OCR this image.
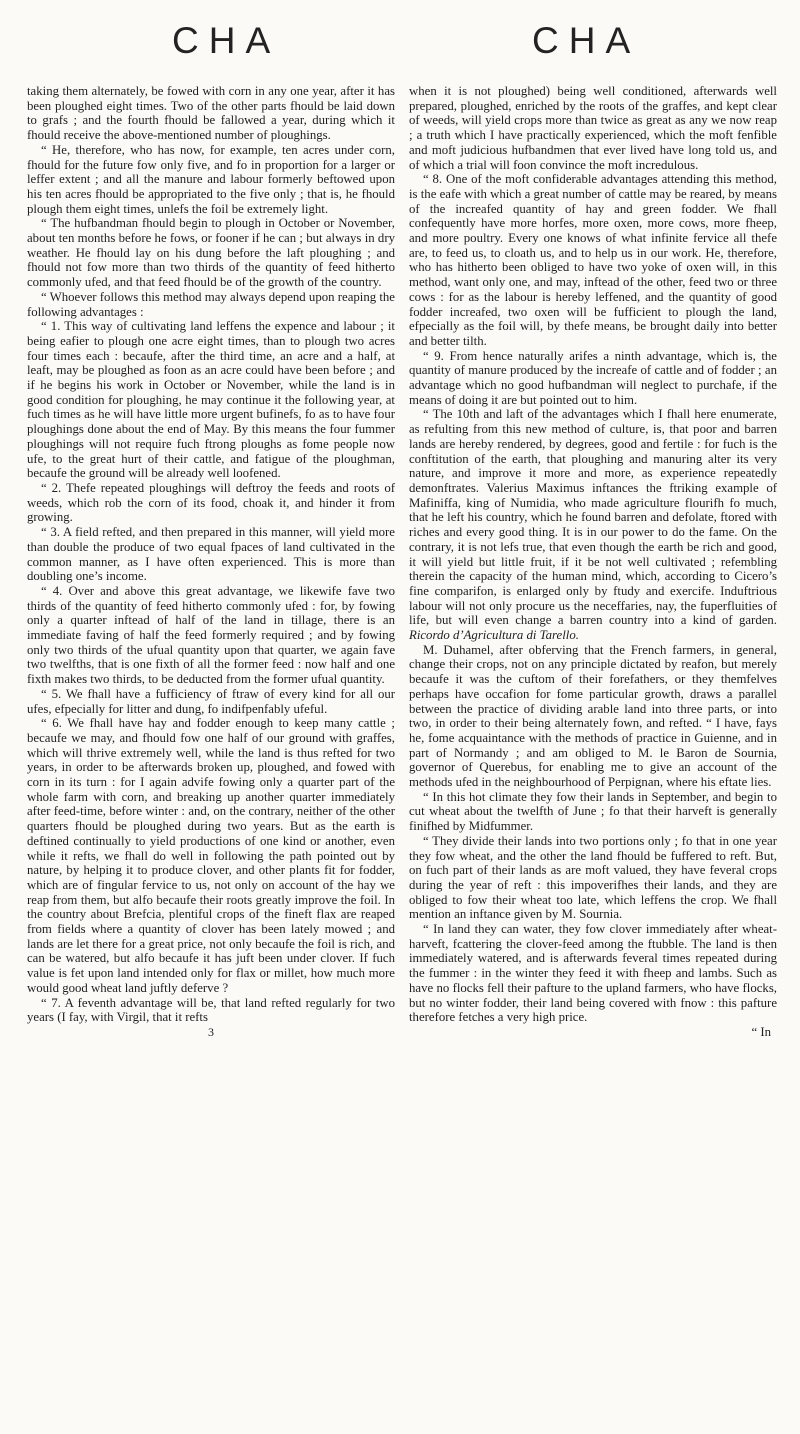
CHA	CHA

taking them alternately, be fowed with corn in any one year, after it has been ploughed eight times. Two of the other parts fhould be laid down to grafs ; and the fourth fhould be fallowed a year, during which it fhould receive the above-mentioned number of ploughings.

“ He, therefore, who has now, for example, ten acres under corn, fhould for the future fow only five, and fo in proportion for a larger or leffer extent ; and all the manure and labour formerly beftowed upon his ten acres fhould be appropriated to the five only ; that is, he fhould plough them eight times, unlefs the foil be extremely light.

“ The hufbandman fhould begin to plough in October or November, about ten months before he fows, or fooner if he can ; but always in dry weather. He fhould lay on his dung before the laft ploughing ; and fhould not fow more than two thirds of the quantity of feed hitherto commonly ufed, and that feed fhould be of the growth of the country.

“ Whoever follows this method may always depend upon reaping the following advantages :

“ 1. This way of cultivating land leffens the expence and labour ; it being eafier to plough one acre eight times, than to plough two acres four times each : becaufe, after the third time, an acre and a half, at leaft, may be ploughed as foon as an acre could have been before ; and if he begins his work in October or November, while the land is in good condition for ploughing, he may continue it the following year, at fuch times as he will have little more urgent bufinefs, fo as to have four ploughings done about the end of May. By this means the four fummer ploughings will not require fuch ftrong ploughs as fome people now ufe, to the great hurt of their cattle, and fatigue of the ploughman, becaufe the ground will be already well loofened.

“ 2. Thefe repeated ploughings will deftroy the feeds and roots of weeds, which rob the corn of its food, choak it, and hinder it from growing.

“ 3. A field refted, and then prepared in this manner, will yield more than double the produce of two equal fpaces of land cultivated in the common manner, as I have often experienced. This is more than doubling one’s income.

“ 4. Over and above this great advantage, we likewife fave two thirds of the quantity of feed hitherto commonly ufed : for, by fowing only a quarter inftead of half of the land in tillage, there is an immediate faving of half the feed formerly required ; and by fowing only two thirds of the ufual quantity upon that quarter, we again fave two twelfths, that is one fixth of all the former feed : now half and one fixth makes two thirds, to be deducted from the former ufual quantity.

“ 5. We fhall have a fufficiency of ftraw of every kind for all our ufes, efpecially for litter and dung, fo indifpenfably ufeful.

“ 6. We fhall have hay and fodder enough to keep many cattle ; becaufe we may, and fhould fow one half of our ground with graffes, which will thrive extremely well, while the land is thus refted for two years, in order to be afterwards broken up, ploughed, and fowed with corn in its turn : for I again advife fowing only a quarter part of the whole farm with corn, and breaking up another quarter immediately after feed-time, before winter : and, on the contrary, neither of the other quarters fhould be ploughed during two years. But as the earth is deftined continually to yield productions of one kind or another, even while it refts, we fhall do well in following the path pointed out by nature, by helping it to produce clover, and other plants fit for fodder, which are of fingular fervice to us, not only on account of the hay we reap from them, but alfo becaufe their roots greatly improve the foil. In the country about Brefcia, plentiful crops of the fineft flax are reaped from fields where a quantity of clover has been lately mowed ; and lands are let there for a great price, not only becaufe the foil is rich, and can be watered, but alfo becaufe it has juft been under clover. If fuch value is fet upon land intended only for flax or millet, how much more would good wheat land juftly deferve ?

“ 7. A feventh advantage will be, that land refted regularly for two years (I fay, with Virgil, that it refts

3

when it is not ploughed) being well conditioned, afterwards well prepared, ploughed, enriched by the roots of the graffes, and kept clear of weeds, will yield crops more than twice as great as any we now reap ; a truth which I have practically experienced, which the moft fenfible and moft judicious hufbandmen that ever lived have long told us, and of which a trial will foon convince the moft incredulous.

“ 8. One of the moft confiderable advantages attending this method, is the eafe with which a great number of cattle may be reared, by means of the increafed quantity of hay and green fodder. We fhall confequently have more horfes, more oxen, more cows, more fheep, and more poultry. Every one knows of what infinite fervice all thefe are, to feed us, to cloath us, and to help us in our work. He, therefore, who has hitherto been obliged to have two yoke of oxen will, in this method, want only one, and may, inftead of the other, feed two or three cows : for as the labour is hereby leffened, and the quantity of good fodder increafed, two oxen will be fufficient to plough the land, efpecially as the foil will, by thefe means, be brought daily into better and better tilth.

“ 9. From hence naturally arifes a ninth advantage, which is, the quantity of manure produced by the increafe of cattle and of fodder ; an advantage which no good hufbandman will neglect to purchafe, if the means of doing it are but pointed out to him.

“ The 10th and laft of the advantages which I fhall here enumerate, as refulting from this new method of culture, is, that poor and barren lands are hereby rendered, by degrees, good and fertile : for fuch is the conftitution of the earth, that ploughing and manuring alter its very nature, and improve it more and more, as experience repeatedly demonftrates. Valerius Maximus inftances the ftriking example of Mafiniffa, king of Numidia, who made agriculture flourifh fo much, that he left his country, which he found barren and defolate, ftored with riches and every good thing. It is in our power to do the fame. On the contrary, it is not lefs true, that even though the earth be rich and good, it will yield but little fruit, if it be not well cultivated ; refembling therein the capacity of the human mind, which, according to Cicero’s fine comparifon, is enlarged only by ftudy and exercife. Induftrious labour will not only procure us the neceffaries, nay, the fuperfluities of life, but will even change a barren country into a kind of garden. Ricordo d’Agricultura di Tarello.

M. Duhamel, after obferving that the French farmers, in general, change their crops, not on any principle dictated by reafon, but merely becaufe it was the cuftom of their forefathers, or they themfelves perhaps have occafion for fome particular growth, draws a parallel between the practice of dividing arable land into three parts, or into two, in order to their being alternately fown, and refted. “ I have, fays he, fome acquaintance with the methods of practice in Guienne, and in part of Normandy ; and am obliged to M. le Baron de Sournia, governor of Querebus, for enabling me to give an account of the methods ufed in the neighbourhood of Perpignan, where his eftate lies.

“ In this hot climate they fow their lands in September, and begin to cut wheat about the twelfth of June ; fo that their harveft is generally finifhed by Midfummer.

“ They divide their lands into two portions only ; fo that in one year they fow wheat, and the other the land fhould be fuffered to reft. But, on fuch part of their lands as are moft valued, they have feveral crops during the year of reft : this impoverifhes their lands, and they are obliged to fow their wheat too late, which leffens the crop. We fhall mention an inftance given by M. Sournia.

“ In land they can water, they fow clover immediately after wheat-harveft, fcattering the clover-feed among the ftubble. The land is then immediately watered, and is afterwards feveral times repeated during the fummer : in the winter they feed it with fheep and lambs. Such as have no flocks fell their pafture to the upland farmers, who have flocks, but no winter fodder, their land being covered with fnow : this pafture therefore fetches a very high price.

“ In
